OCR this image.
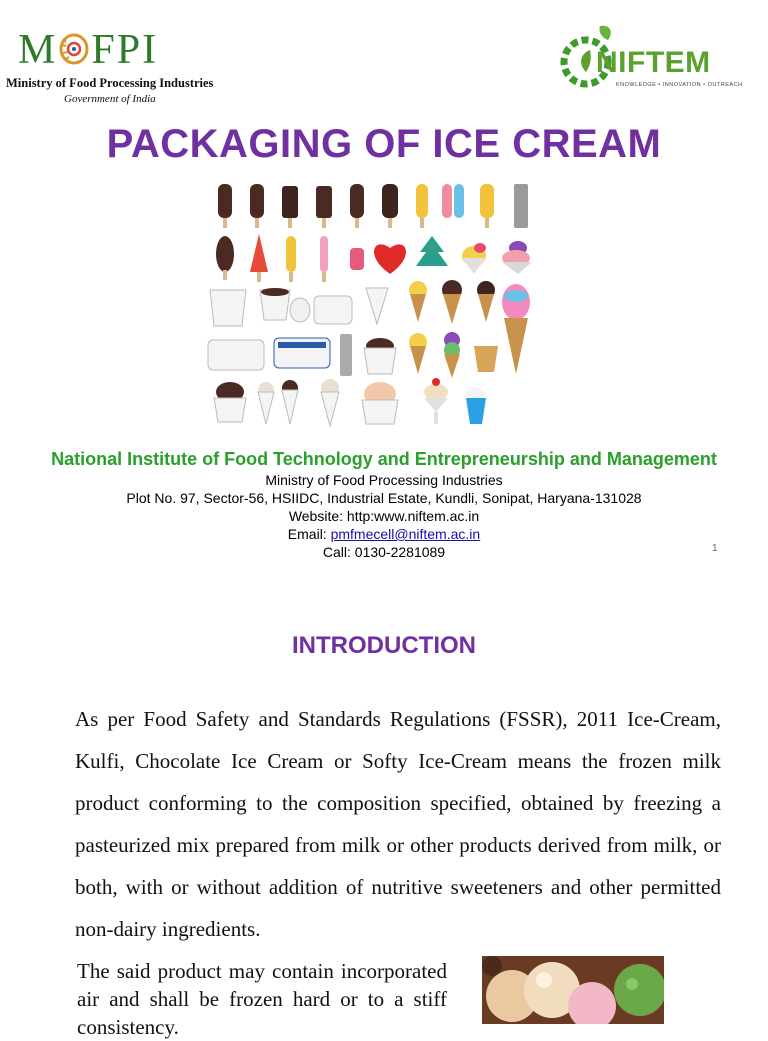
M FPI
Ministry of Food Processing Industries
Government of India
NIFTEM
KNOWLEDGE • INNOVATION • OUTREACH
PACKAGING OF ICE CREAM
National Institute of Food Technology and Entrepreneurship and Management
Ministry of Food Processing Industries
Plot No. 97, Sector-56, HSIIDC, Industrial Estate, Kundli, Sonipat, Haryana-131028
Website: http:www.niftem.ac.in
Email: pmfmecell@niftem.ac.in
Call: 0130-2281089	1
INTRODUCTION
As per Food Safety and Standards Regulations (FSSR), 2011 Ice-Cream, Kulfi, Chocolate Ice Cream or Softy Ice-Cream means the frozen milk product conforming to the composition specified, obtained by freezing a pasteurized mix prepared from milk or other products derived from milk, or both, with or without addition of nutritive sweeteners and other permitted non-dairy ingredients.
The said product may contain incorporated air and shall be frozen hard or to a stiff consistency.
